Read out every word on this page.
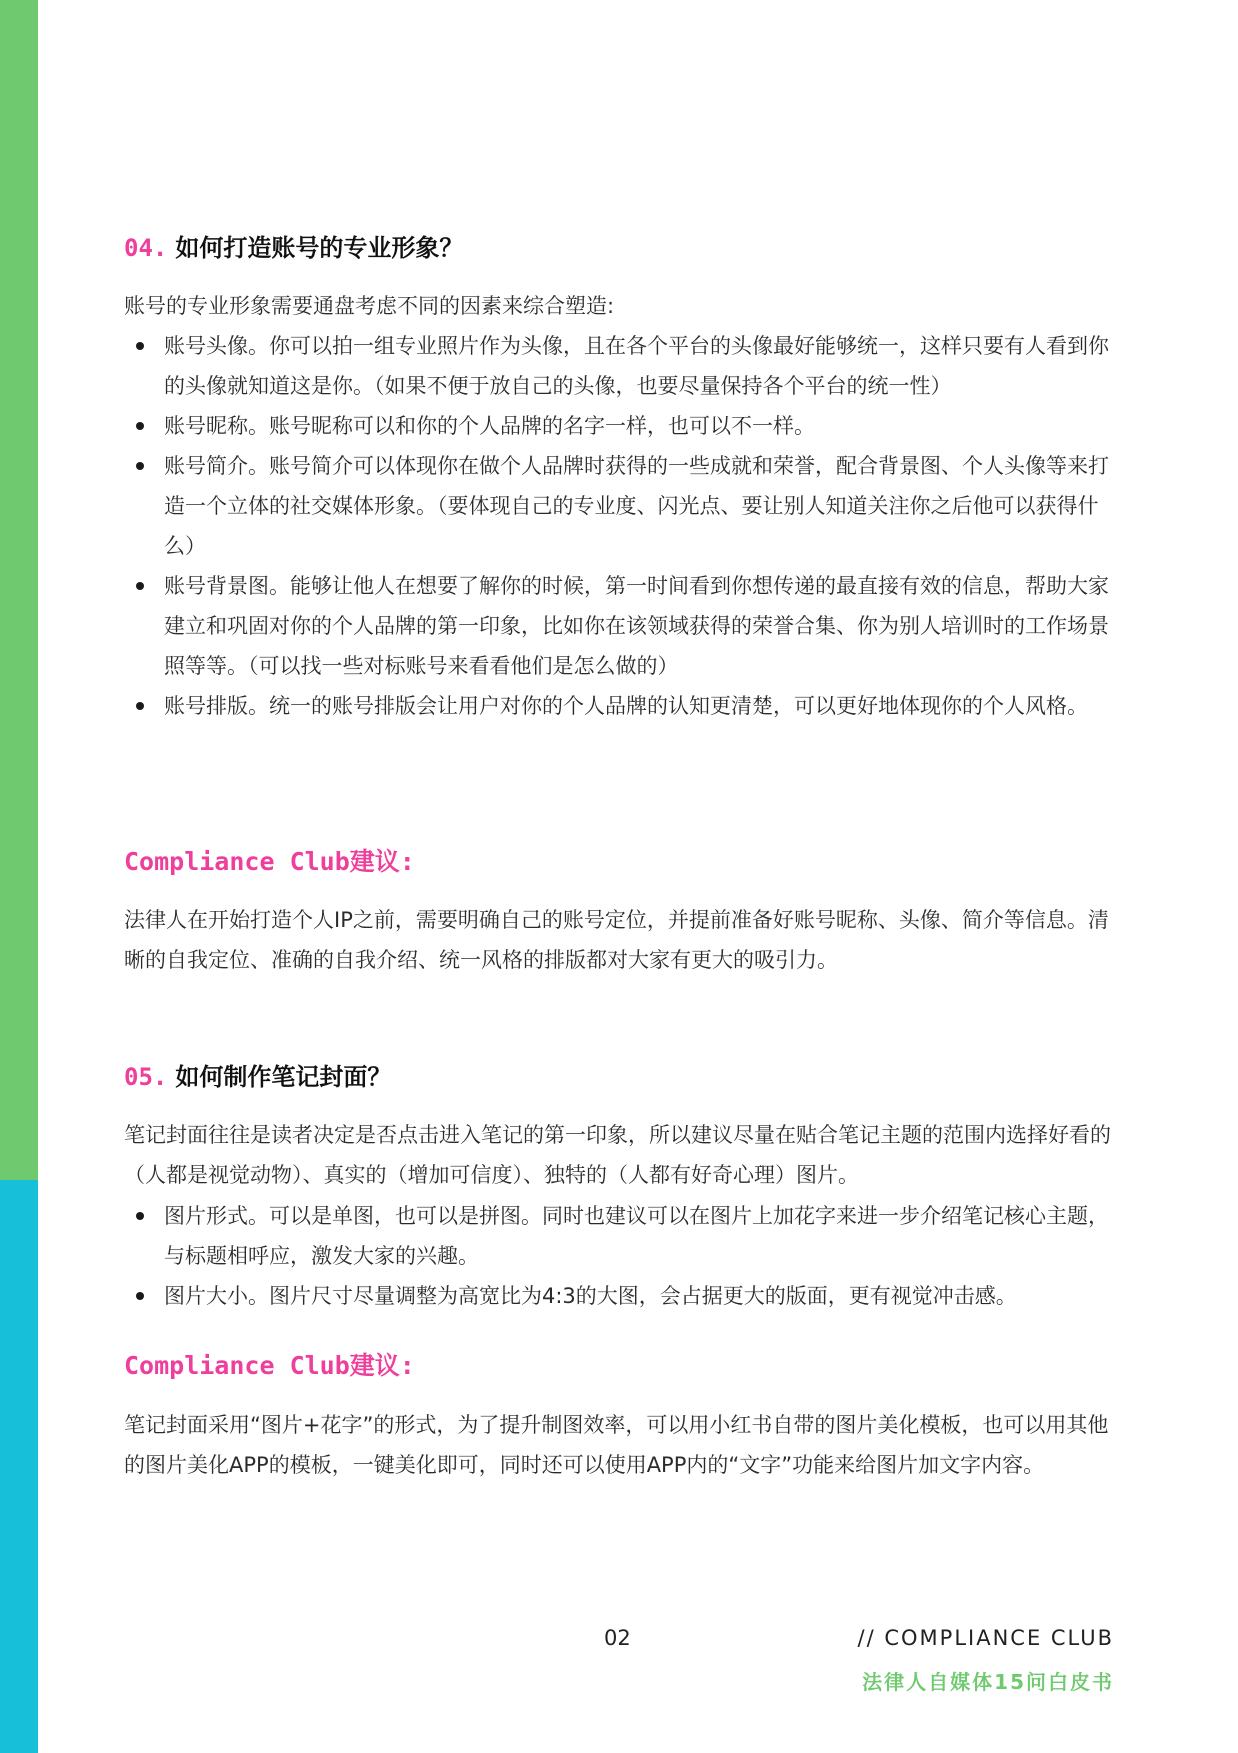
04. 如何打造账号的专业形象？
账号的专业形象需要通盘考虑不同的因素来综合塑造:
账号头像。你可以拍一组专业照片作为头像，且在各个平台的头像最好能够统一，这样只要有人看到你的头像就知道这是你。（如果不便于放自己的头像，也要尽量保持各个平台的统一性）
账号昵称。账号昵称可以和你的个人品牌的名字一样，也可以不一样。
账号简介。账号简介可以体现你在做个人品牌时获得的一些成就和荣誉，配合背景图、个人头像等来打造一个立体的社交媒体形象。（要体现自己的专业度、闪光点、要让别人知道关注你之后他可以获得什么）
账号背景图。能够让他人在想要了解你的时候，第一时间看到你想传递的最直接有效的信息，帮助大家建立和巩固对你的个人品牌的第一印象，比如你在该领域获得的荣誉合集、你为别人培训时的工作场景照等等。（可以找一些对标账号来看看他们是怎么做的）
账号排版。统一的账号排版会让用户对你的个人品牌的认知更清楚，可以更好地体现你的个人风格。
Compliance Club建议:
法律人在开始打造个人IP之前，需要明确自己的账号定位，并提前准备好账号昵称、头像、简介等信息。清晰的自我定位、准确的自我介绍、统一风格的排版都对大家有更大的吸引力。
05. 如何制作笔记封面？
笔记封面往往是读者决定是否点击进入笔记的第一印象，所以建议尽量在贴合笔记主题的范围内选择好看的（人都是视觉动物）、真实的（增加可信度）、独特的（人都有好奇心理）图片。
图片形式。可以是单图，也可以是拼图。同时也建议可以在图片上加花字来进一步介绍笔记核心主题，与标题相呼应，激发大家的兴趣。
图片大小。图片尺寸尽量调整为高宽比为4:3的大图，会占据更大的版面，更有视觉冲击感。
Compliance Club建议:
笔记封面采用“图片+花字”的形式，为了提升制图效率，可以用小红书自带的图片美化模板，也可以用其他的图片美化APP的模板，一键美化即可，同时还可以使用APP内的“文字”功能来给图片加文字内容。
02	// COMPLIANCE CLUB
法律人自媒体15问白皮书
